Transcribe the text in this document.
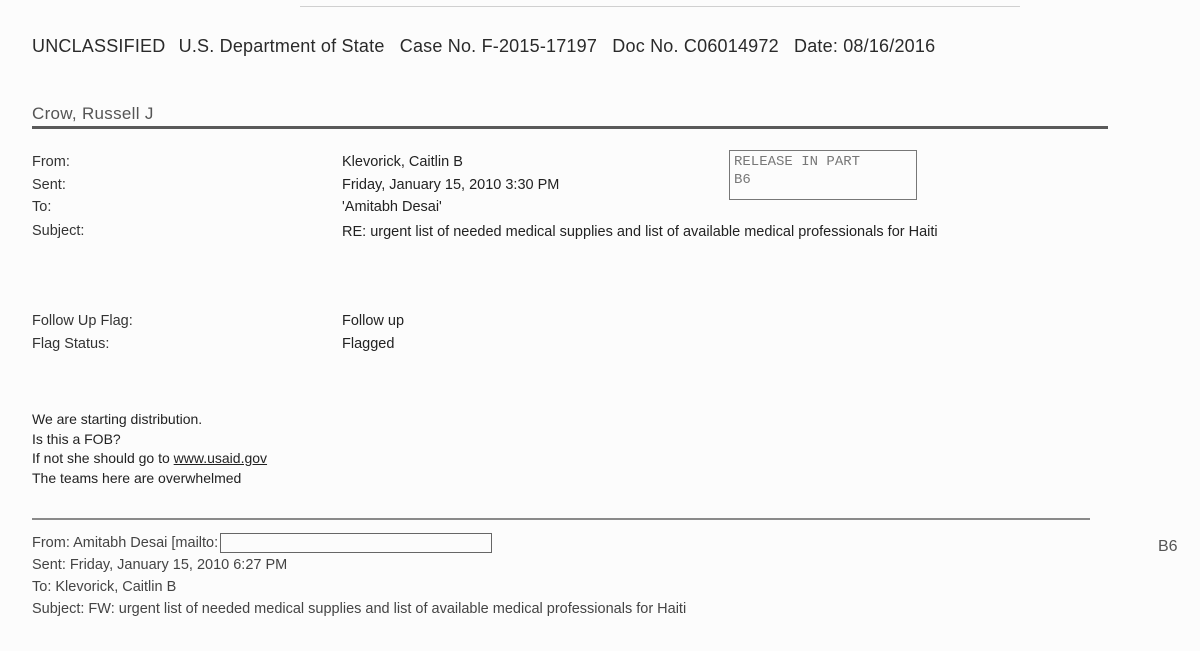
UNCLASSIFIED U.S. Department of State Case No. F-2015-17197 Doc No. C06014972 Date: 08/16/2016
Crow, Russell J
From:	Klevorick, Caitlin B
Sent:	Friday, January 15, 2010 3:30 PM
To:	'Amitabh Desai'
Subject:	RE: urgent list of needed medical supplies and list of available medical professionals for Haiti
Follow Up Flag:	Follow up
Flag Status:	Flagged
RELEASE IN PART
B6
We are starting distribution.
Is this a FOB?
If not she should go to www.usaid.gov
The teams here are overwhelmed
From: Amitabh Desai [mailto:
Sent: Friday, January 15, 2010 6:27 PM
To: Klevorick, Caitlin B
Subject: FW: urgent list of needed medical supplies and list of available medical professionals for Haiti
B6
